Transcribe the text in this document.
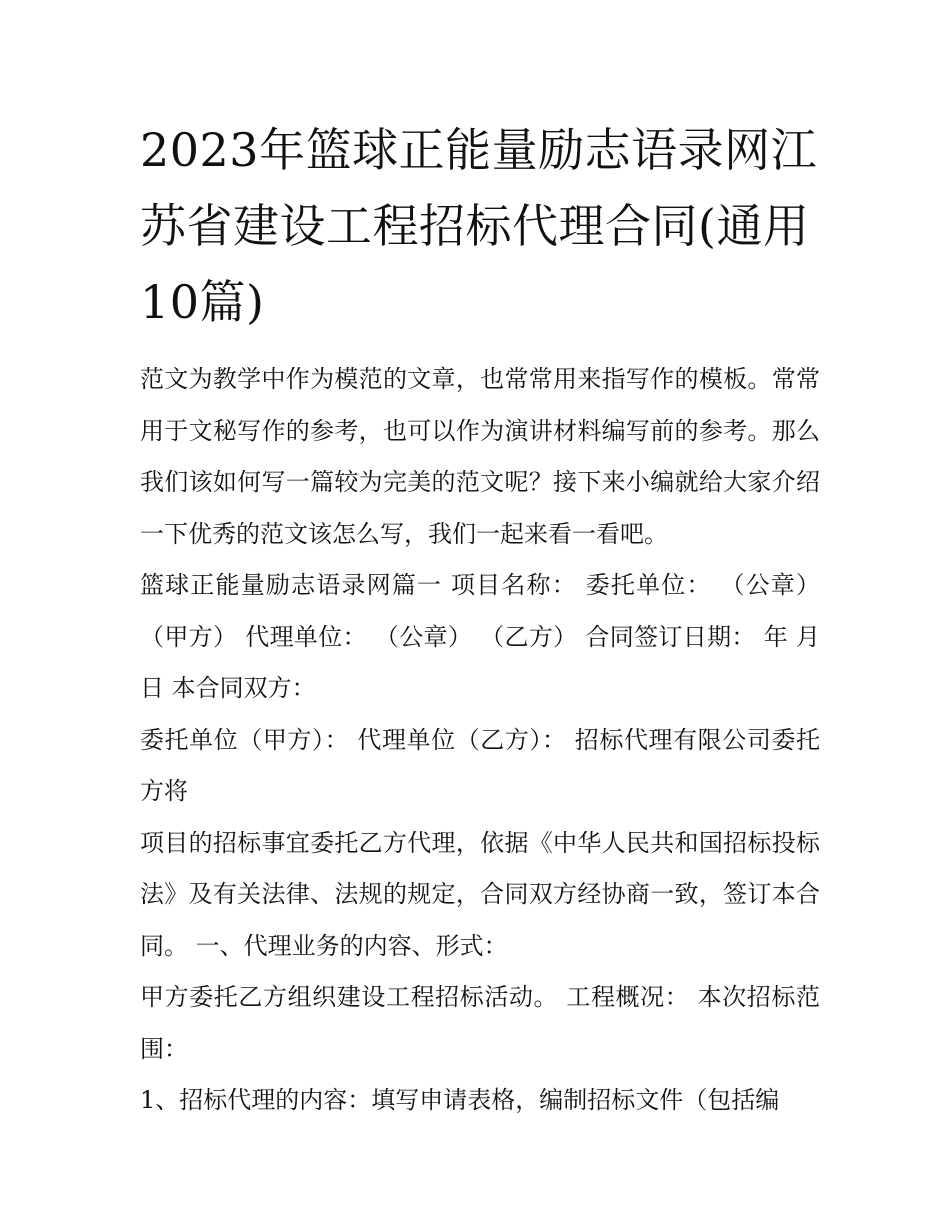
2023年篮球正能量励志语录网江苏省建设工程招标代理合同(通用10篇)

范文为教学中作为模范的文章，也常常用来指写作的模板。常常用于文秘写作的参考，也可以作为演讲材料编写前的参考。那么我们该如何写一篇较为完美的范文呢？接下来小编就给大家介绍一下优秀的范文该怎么写，我们一起来看一看吧。

篮球正能量励志语录网篇一 项目名称： 委托单位： （公章）（甲方） 代理单位： （公章） （乙方） 合同签订日期： 年 月 日 本合同双方：

委托单位（甲方）： 代理单位（乙方）： 招标代理有限公司委托方将

项目的招标事宜委托乙方代理，依据《中华人民共和国招标投标法》及有关法律、法规的规定，合同双方经协商一致，签订本合同。 一、代理业务的内容、形式：

甲方委托乙方组织建设工程招标活动。 工程概况： 本次招标范围：

1、招标代理的内容：填写申请表格，编制招标文件（包括编
